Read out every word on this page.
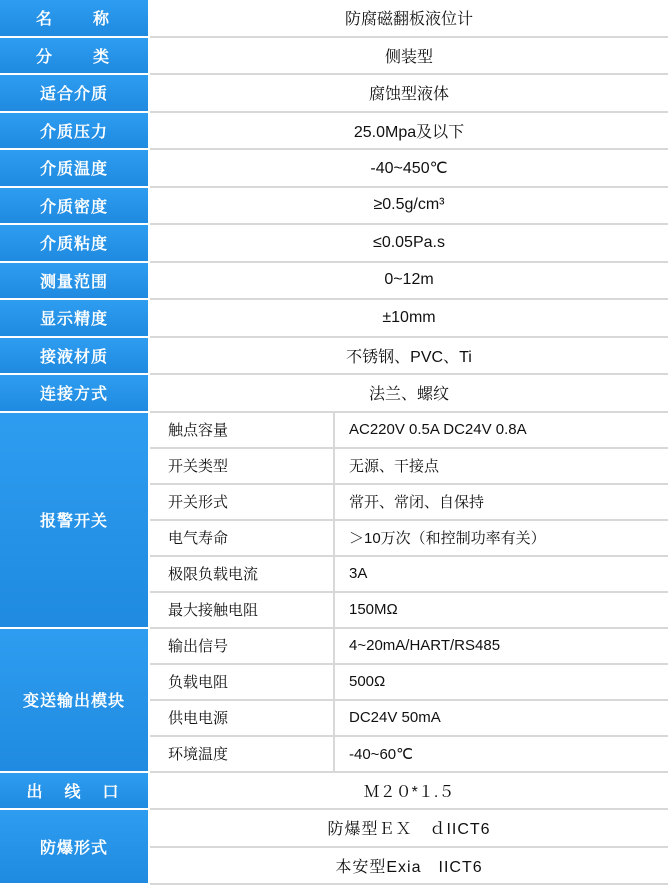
名　　称	防腐磁翻板液位计
分　　类	侧装型
适合介质	腐蚀型液体
介质压力	25.0Mpa及以下
介质温度	-40~450℃
介质密度	≥0.5g/cm³
介质粘度	≤0.05Pa.s
测量范围	0~12m
显示精度	±10mm
接液材质	不锈钢、PVC、Ti
连接方式	法兰、螺纹
报警开关
触点容量	AC220V 0.5A DC24V 0.8A
开关类型	无源、干接点
开关形式	常开、常闭、自保持
电气寿命	＞10万次（和控制功率有关）
极限负载电流	3A
最大接触电阻	150MΩ
变送输出模块
输出信号	4~20mA/HART/RS485
负载电阻	500Ω
供电电源	DC24V 50mA
环境温度	-40~60℃
出　线　口	Ｍ２０*１.５
防爆形式
防爆型ＥＸ　ｄIICT6
本安型Exia　IICT6
